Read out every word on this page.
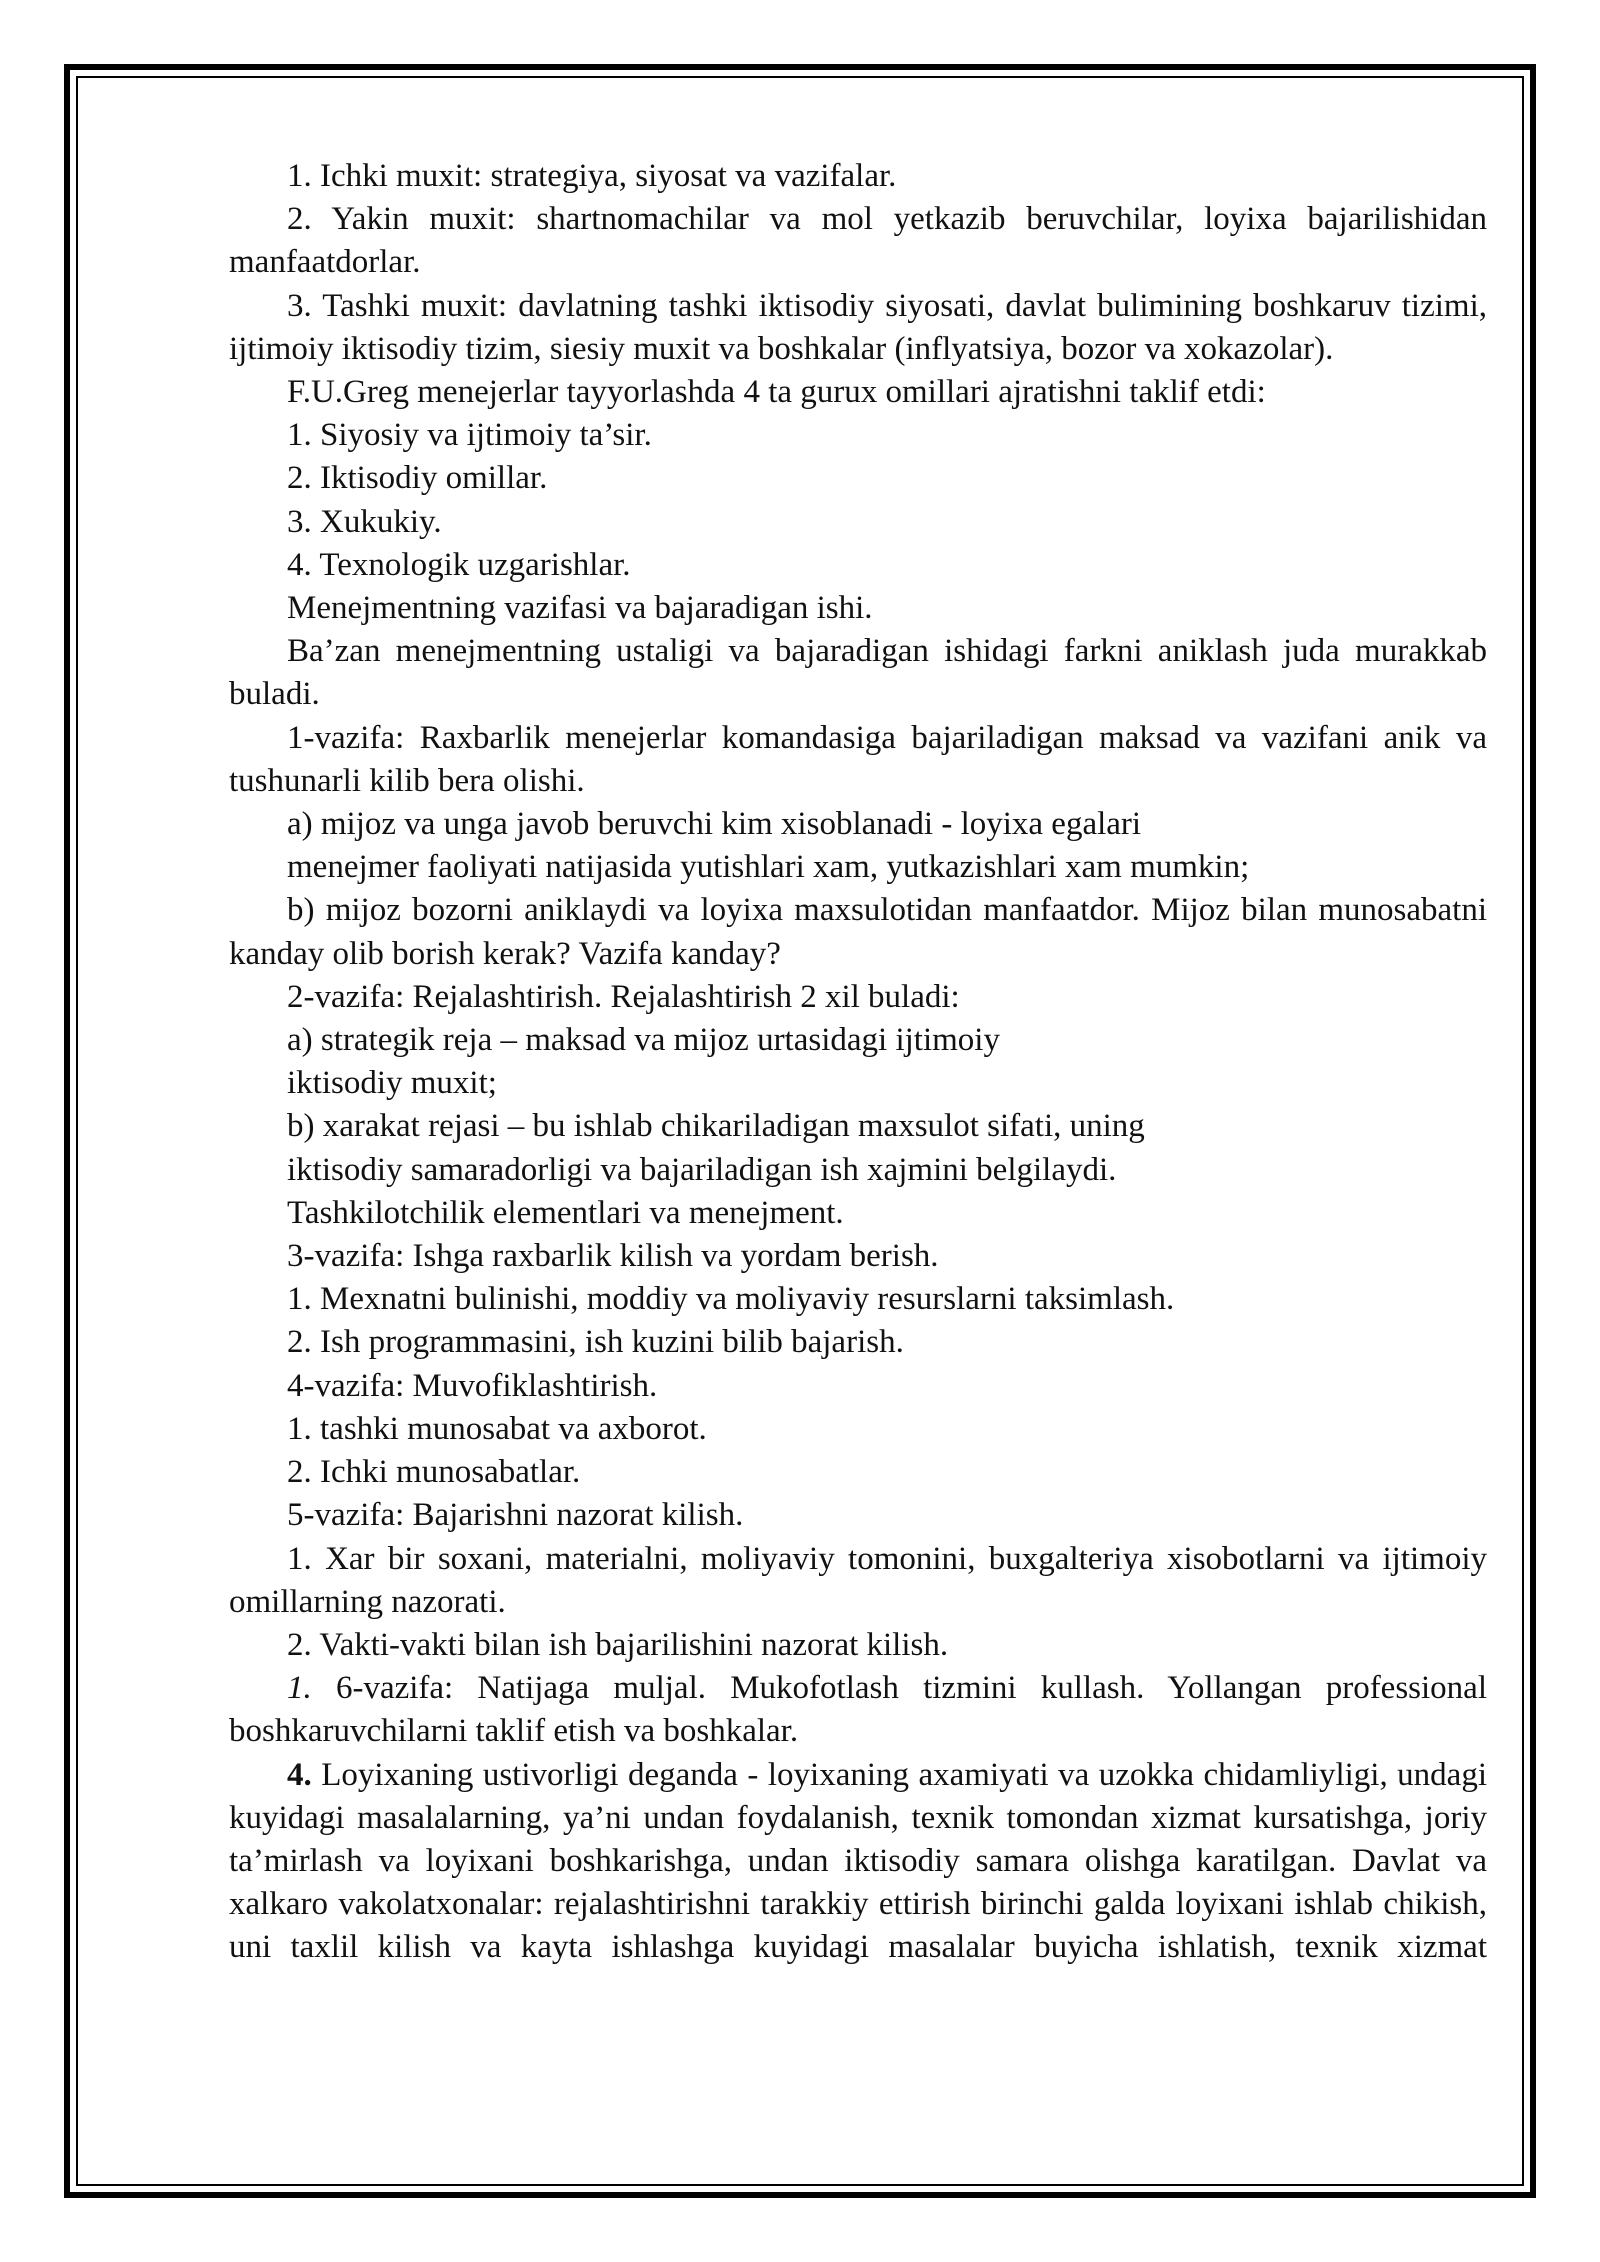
1. Ichki muxit: strategiya, siyosat va vazifalar.

2. Yakin muxit: shartnomachilar va mol yetkazib beruvchilar, loyixa bajarilishidan manfaatdorlar.

3. Tashki muxit: davlatning tashki iktisodiy siyosati, davlat bulimining boshkaruv tizimi, ijtimoiy iktisodiy tizim, siesiy muxit va boshkalar (inflyatsiya, bozor va xokazolar).

F.U.Greg menejerlar tayyorlashda 4 ta gurux omillari ajratishni taklif etdi:

1. Siyosiy va ijtimoiy ta’sir.

2. Iktisodiy omillar.

3. Xukukiy.

4. Texnologik uzgarishlar.

Menejmentning vazifasi va bajaradigan ishi.

Ba’zan menejmentning ustaligi va bajaradigan ishidagi farkni aniklash juda murakkab buladi.

1-vazifa: Raxbarlik menejerlar komandasiga bajariladigan maksad va vazifani anik va tushunarli kilib bera olishi.

a) mijoz va unga javob beruvchi kim xisoblanadi - loyixa egalari

menejmer faoliyati natijasida yutishlari xam, yutkazishlari xam mumkin;

b) mijoz bozorni aniklaydi va loyixa maxsulotidan manfaatdor. Mijoz bilan munosabatni kanday olib borish kerak? Vazifa kanday?

2-vazifa: Rejalashtirish. Rejalashtirish 2 xil buladi:

a) strategik reja – maksad va mijoz urtasidagi ijtimoiy

iktisodiy muxit;

b) xarakat rejasi – bu ishlab chikariladigan maxsulot sifati, uning

iktisodiy samaradorligi va bajariladigan ish xajmini belgilaydi.

Tashkilotchilik elementlari va menejment.

3-vazifa: Ishga raxbarlik kilish va yordam berish.

1. Mexnatni bulinishi, moddiy va moliyaviy resurslarni taksimlash.

2. Ish programmasini, ish kuzini bilib bajarish.

4-vazifa: Muvofiklashtirish.

1. tashki munosabat va axborot.

2. Ichki munosabatlar.

5-vazifa: Bajarishni nazorat kilish.

1. Xar bir soxani, materialni, moliyaviy tomonini, buxgalteriya xisobotlarni va ijtimoiy omillarning nazorati.

2. Vakti-vakti bilan ish bajarilishini nazorat kilish.

1. 6-vazifa: Natijaga muljal. Mukofotlash tizmini kullash. Yollangan professional boshkaruvchilarni taklif etish va boshkalar.

4. Loyixaning ustivorligi deganda - loyixaning axamiyati va uzokka chidamliyligi, undagi kuyidagi masalalarning, ya’ni undan foydalanish, texnik tomondan xizmat kursatishga, joriy ta’mirlash va loyixani boshkarishga, undan iktisodiy samara olishga karatilgan. Davlat va xalkaro vakolatxonalar: rejalashtirishni tarakkiy ettirish birinchi galda loyixani ishlab chikish, uni taxlil kilish va kayta ishlashga kuyidagi masalalar buyicha ishlatish, texnik xizmat
